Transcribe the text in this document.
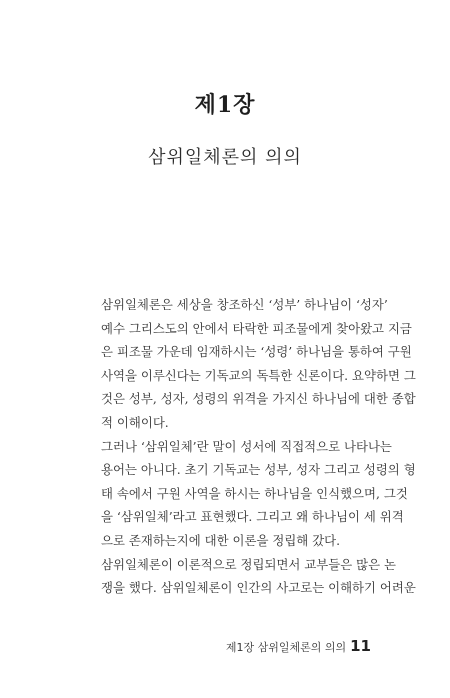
제1장
삼위일체론의 의의
삼위일체론은 세상을 창조하신 ‘성부’ 하나님이 ‘성자’
예수 그리스도의 안에서 타락한 피조물에게 찾아왔고 지금
은 피조물 가운데 임재하시는 ‘성령’ 하나님을 통하여 구원
사역을 이루신다는 기독교의 독특한 신론이다. 요약하면 그
것은 성부, 성자, 성령의 위격을 가지신 하나님에 대한 종합
적 이해이다.
그러나 ‘삼위일체’란 말이 성서에 직접적으로 나타나는
용어는 아니다. 초기 기독교는 성부, 성자 그리고 성령의 형
태 속에서 구원 사역을 하시는 하나님을 인식했으며, 그것
을 ‘삼위일체’라고 표현했다. 그리고 왜 하나님이 세 위격
으로 존재하는지에 대한 이론을 정립해 갔다.
삼위일체론이 이론적으로 정립되면서 교부들은 많은 논
쟁을 했다. 삼위일체론이 인간의 사고로는 이해하기 어려운
제1장 삼위일체론의 의의 11
